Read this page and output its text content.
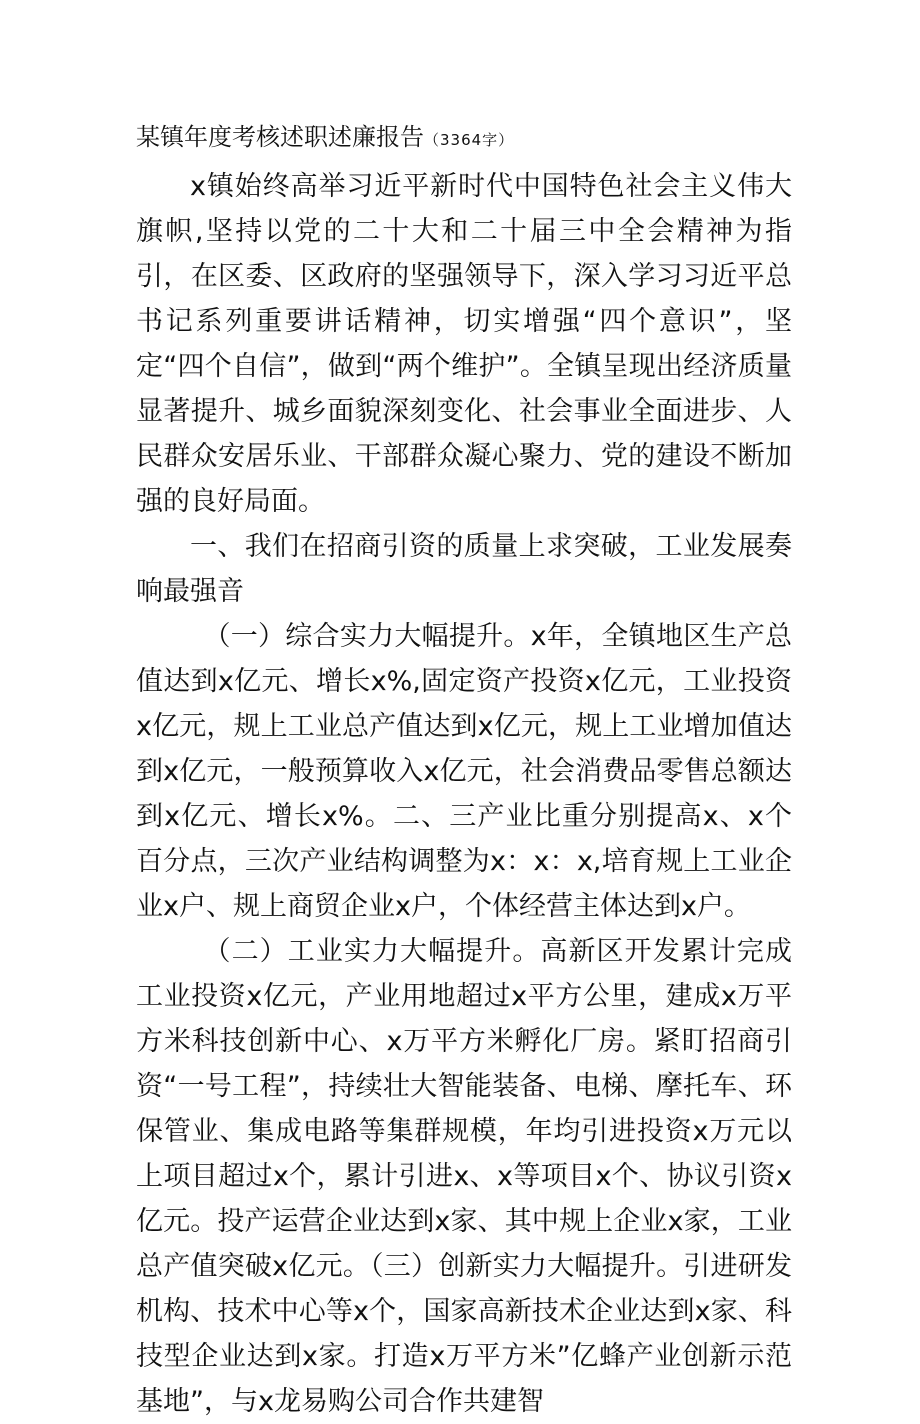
某镇年度考核述职述廉报告（3364字）

x镇始终高举习近平新时代中国特色社会主义伟大旗帜,坚持以党的二十大和二十届三中全会精神为指引，在区委、区政府的坚强领导下，深入学习习近平总书记系列重要讲话精神，切实增强“四个意识”，坚定“四个自信”，做到“两个维护”。全镇呈现出经济质量显著提升、城乡面貌深刻变化、社会事业全面进步、人民群众安居乐业、干部群众凝心聚力、党的建设不断加强的良好局面。

一、我们在招商引资的质量上求突破，工业发展奏响最强音

（一）综合实力大幅提升。x年，全镇地区生产总值达到x亿元、增长x%,固定资产投资x亿元，工业投资x亿元，规上工业总产值达到x亿元，规上工业增加值达到x亿元，一般预算收入x亿元，社会消费品零售总额达到x亿元、增长x%。二、三产业比重分别提高x、x个百分点，三次产业结构调整为x：x：x,培育规上工业企业x户、规上商贸企业x户，个体经营主体达到x户。

（二）工业实力大幅提升。高新区开发累计完成工业投资x亿元，产业用地超过x平方公里，建成x万平方米科技创新中心、x万平方米孵化厂房。紧盯招商引资“一号工程”，持续壮大智能装备、电梯、摩托车、环保管业、集成电路等集群规模，年均引进投资x万元以上项目超过x个，累计引进x、x等项目x个、协议引资x亿元。投产运营企业达到x家、其中规上企业x家，工业总产值突破x亿元。（三）创新实力大幅提升。引进研发机构、技术中心等x个，国家高新技术企业达到x家、科技型企业达到x家。打造x万平方米”亿蜂产业创新示范基地”，与x龙易购公司合作共建智
